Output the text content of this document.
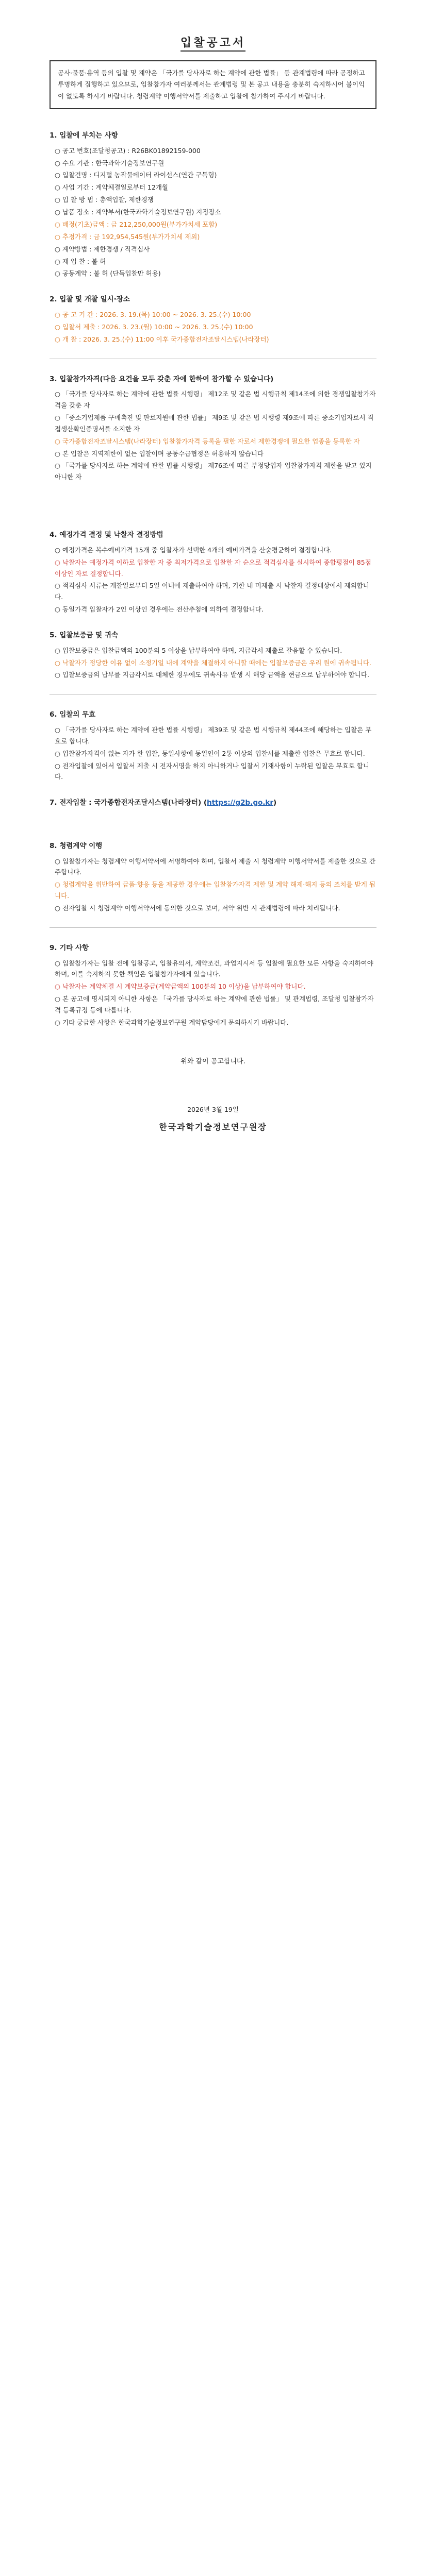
입찰공고서
공사·물품·용역 등의 입찰 및 계약은 「국가를 당사자로 하는 계약에 관한 법률」 등 관계법령에 따라 공정하고 투명하게 집행하고 있으므로, 입찰참가자 여러분께서는 관계법령 및 본 공고 내용을 충분히 숙지하시어 불이익이 없도록 하시기 바랍니다. 청렴계약 이행서약서를 제출하고 입찰에 참가하여 주시기 바랍니다.
1. 입찰에 부치는 사항
○ 공고 번호(조달청공고) : R26BK01892159-000
○ 수요 기관 : 한국과학기술정보연구원
○ 입찰건명 : 디지털 농작물데이터 라이선스(연간 구독형)
○ 사업 기간 : 계약체결일로부터 12개월
○ 입 찰 방 법 : 총액입찰, 제한경쟁
○ 납품 장소 : 계약부서(한국과학기술정보연구원) 지정장소
○ 배정(기초)금액 : 금 212,250,000원(부가가치세 포함)
○ 추정가격 : 금 192,954,545원(부가가치세 제외)
○ 계약방법 : 제한경쟁 / 적격심사
○ 재 입 찰 : 불 허
○ 공동계약 : 불 허 (단독입찰만 허용)
2. 입찰 및 개찰 일시·장소
○ 공 고 기 간 : 2026. 3. 19.(목) 10:00 ~ 2026. 3. 25.(수) 10:00
○ 입찰서 제출 : 2026. 3. 23.(월) 10:00 ~ 2026. 3. 25.(수) 10:00
○ 개 찰 : 2026. 3. 25.(수) 11:00 이후 국가종합전자조달시스템(나라장터)
3. 입찰참가자격(다음 요건을 모두 갖춘 자에 한하여 참가할 수 있습니다)
○ 「국가를 당사자로 하는 계약에 관한 법률 시행령」 제12조 및 같은 법 시행규칙 제14조에 의한 경쟁입찰참가자격을 갖춘 자
○ 「중소기업제품 구매촉진 및 판로지원에 관한 법률」 제9조 및 같은 법 시행령 제9조에 따른 중소기업자로서 직접생산확인증명서를 소지한 자
○ 국가종합전자조달시스템(나라장터) 입찰참가자격 등록을 필한 자로서 제한경쟁에 필요한 업종을 등록한 자
○ 본 입찰은 지역제한이 없는 입찰이며 공동수급협정은 허용하지 않습니다
○ 「국가를 당사자로 하는 계약에 관한 법률 시행령」 제76조에 따른 부정당업자 입찰참가자격 제한을 받고 있지 아니한 자
4. 예정가격 결정 및 낙찰자 결정방법
○ 예정가격은 복수예비가격 15개 중 입찰자가 선택한 4개의 예비가격을 산술평균하여 결정합니다.
○ 낙찰자는 예정가격 이하로 입찰한 자 중 최저가격으로 입찰한 자 순으로 적격심사를 실시하여 종합평점이 85점 이상인 자로 결정합니다.
○ 적격심사 서류는 개찰일로부터 5일 이내에 제출하여야 하며, 기한 내 미제출 시 낙찰자 결정대상에서 제외합니다.
○ 동일가격 입찰자가 2인 이상인 경우에는 전산추첨에 의하여 결정합니다.
5. 입찰보증금 및 귀속
○ 입찰보증금은 입찰금액의 100분의 5 이상을 납부하여야 하며, 지급각서 제출로 갈음할 수 있습니다.
○ 낙찰자가 정당한 이유 없이 소정기일 내에 계약을 체결하지 아니할 때에는 입찰보증금은 우리 원에 귀속됩니다.
○ 입찰보증금의 납부를 지급각서로 대체한 경우에도 귀속사유 발생 시 해당 금액을 현금으로 납부하여야 합니다.
6. 입찰의 무효
○ 「국가를 당사자로 하는 계약에 관한 법률 시행령」 제39조 및 같은 법 시행규칙 제44조에 해당하는 입찰은 무효로 합니다.
○ 입찰참가자격이 없는 자가 한 입찰, 동일사항에 동일인이 2통 이상의 입찰서를 제출한 입찰은 무효로 합니다.
○ 전자입찰에 있어서 입찰서 제출 시 전자서명을 하지 아니하거나 입찰서 기재사항이 누락된 입찰은 무효로 합니다.
7. 전자입찰 : 국가종합전자조달시스템(나라장터) (https://g2b.go.kr)
8. 청렴계약 이행
○ 입찰참가자는 청렴계약 이행서약서에 서명하여야 하며, 입찰서 제출 시 청렴계약 이행서약서를 제출한 것으로 간주합니다.
○ 청렴계약을 위반하여 금품·향응 등을 제공한 경우에는 입찰참가자격 제한 및 계약 해제·해지 등의 조치를 받게 됩니다.
○ 전자입찰 시 청렴계약 이행서약서에 동의한 것으로 보며, 서약 위반 시 관계법령에 따라 처리됩니다.
9. 기타 사항
○ 입찰참가자는 입찰 전에 입찰공고, 입찰유의서, 계약조건, 과업지시서 등 입찰에 필요한 모든 사항을 숙지하여야 하며, 이를 숙지하지 못한 책임은 입찰참가자에게 있습니다.
○ 낙찰자는 계약체결 시 계약보증금(계약금액의 100분의 10 이상)을 납부하여야 합니다.
○ 본 공고에 명시되지 아니한 사항은 「국가를 당사자로 하는 계약에 관한 법률」 및 관계법령, 조달청 입찰참가자격 등록규정 등에 따릅니다.
○ 기타 궁금한 사항은 한국과학기술정보연구원 계약담당에게 문의하시기 바랍니다.
위와 같이 공고합니다.
2026년 3월 19일
한국과학기술정보연구원장
